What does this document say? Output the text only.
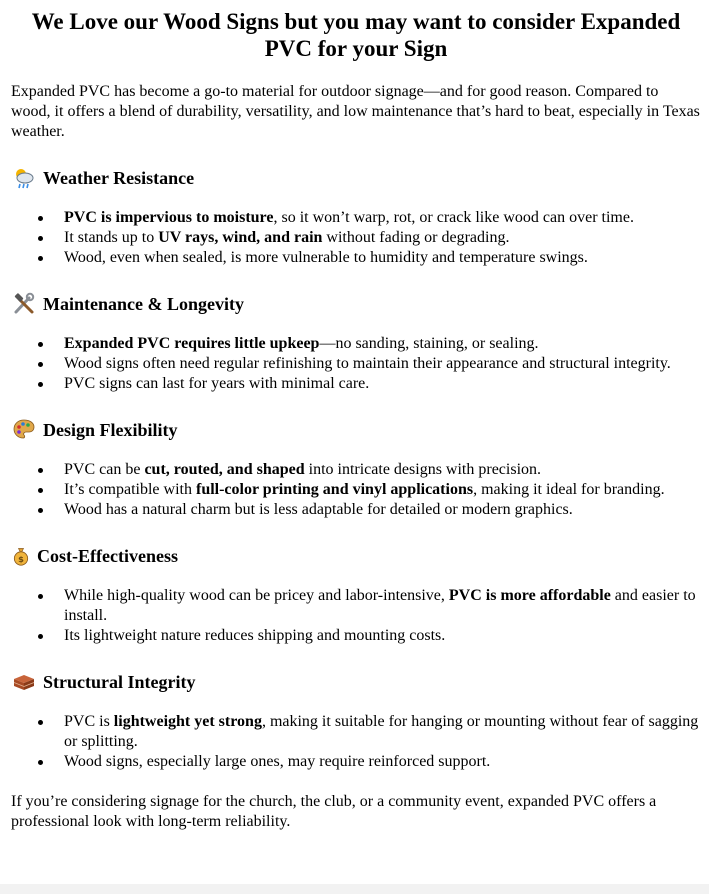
We Love our Wood Signs but you may want to consider Expanded PVC for your Sign

Expanded PVC has become a go-to material for outdoor signage—and for good reason. Compared to wood, it offers a blend of durability, versatility, and low maintenance that’s hard to beat, especially in Texas weather.

Weather Resistance
PVC is impervious to moisture, so it won’t warp, rot, or crack like wood can over time.
It stands up to UV rays, wind, and rain without fading or degrading.
Wood, even when sealed, is more vulnerable to humidity and temperature swings.
Maintenance & Longevity
Expanded PVC requires little upkeep—no sanding, staining, or sealing.
Wood signs often need regular refinishing to maintain their appearance and structural integrity.
PVC signs can last for years with minimal care.
Design Flexibility
PVC can be cut, routed, and shaped into intricate designs with precision.
It’s compatible with full-color printing and vinyl applications, making it ideal for branding.
Wood has a natural charm but is less adaptable for detailed or modern graphics.
$ Cost-Effectiveness
While high-quality wood can be pricey and labor-intensive, PVC is more affordable and easier to install.
Its lightweight nature reduces shipping and mounting costs.
Structural Integrity
PVC is lightweight yet strong, making it suitable for hanging or mounting without fear of sagging or splitting.
Wood signs, especially large ones, may require reinforced support.

If you’re considering signage for the church, the club, or a community event, expanded PVC offers a professional look with long-term reliability.
